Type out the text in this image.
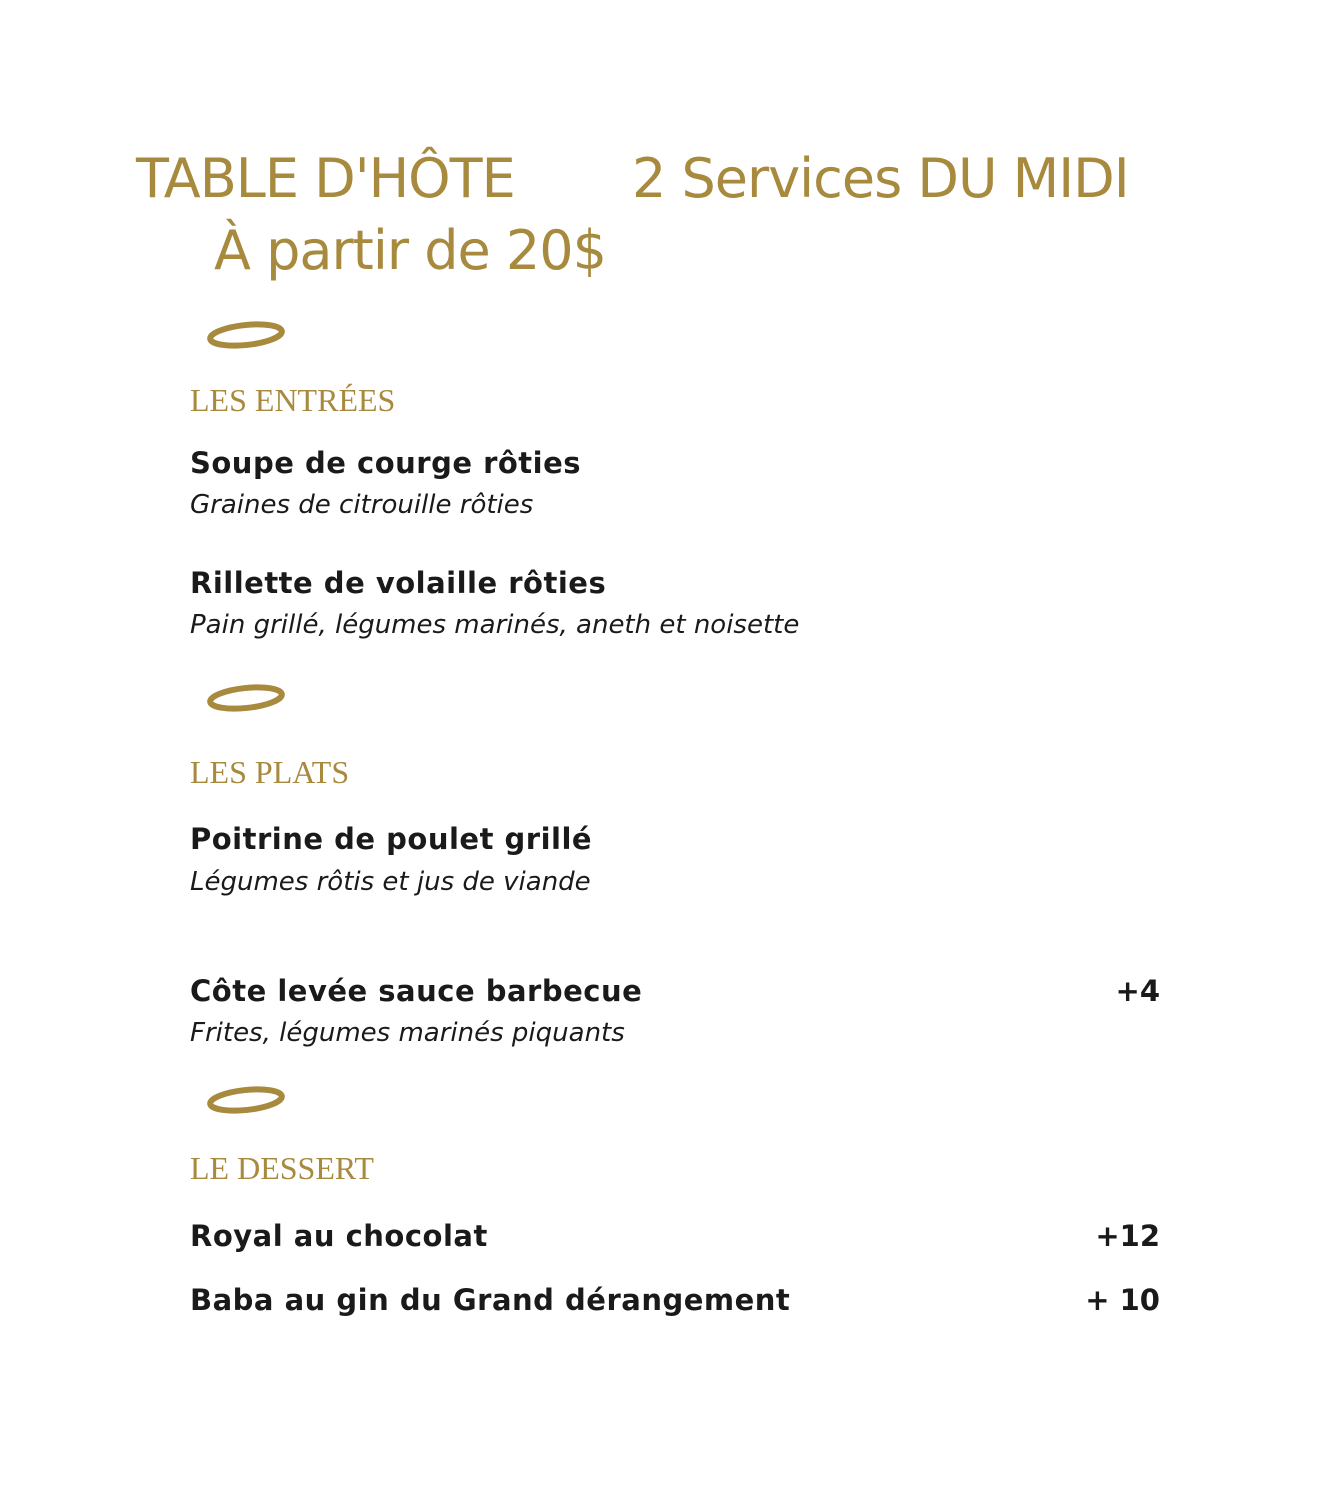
TABLE D'HÔTE 2 Services DU MIDI
À partir de 20$
LES ENTRÉES
Soupe de courge rôties
Graines de citrouille rôties
Rillette de volaille rôties
Pain grillé, légumes marinés, aneth et noisette
LES PLATS
Poitrine de poulet grillé
Légumes rôtis et jus de viande
Côte levée sauce barbecue	+4
Frites, légumes marinés piquants
LE DESSERT
Royal au chocolat	+12
Baba au gin du Grand dérangement	+ 10
